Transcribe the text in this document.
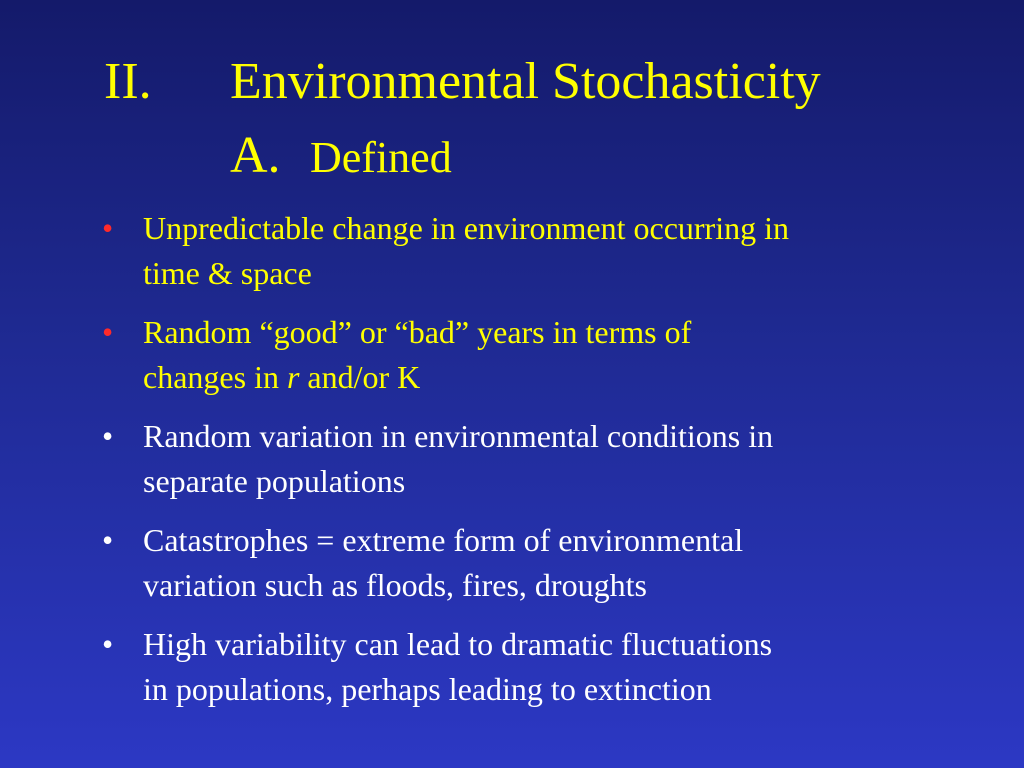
II. Environmental Stochasticity
A. Defined
• Unpredictable change in environment occurring in
time & space
• Random “good” or “bad” years in terms of
changes in r and/or K
• Random variation in environmental conditions in
separate populations
• Catastrophes = extreme form of environmental
variation such as floods, fires, droughts
• High variability can lead to dramatic fluctuations
in populations, perhaps leading to extinction
